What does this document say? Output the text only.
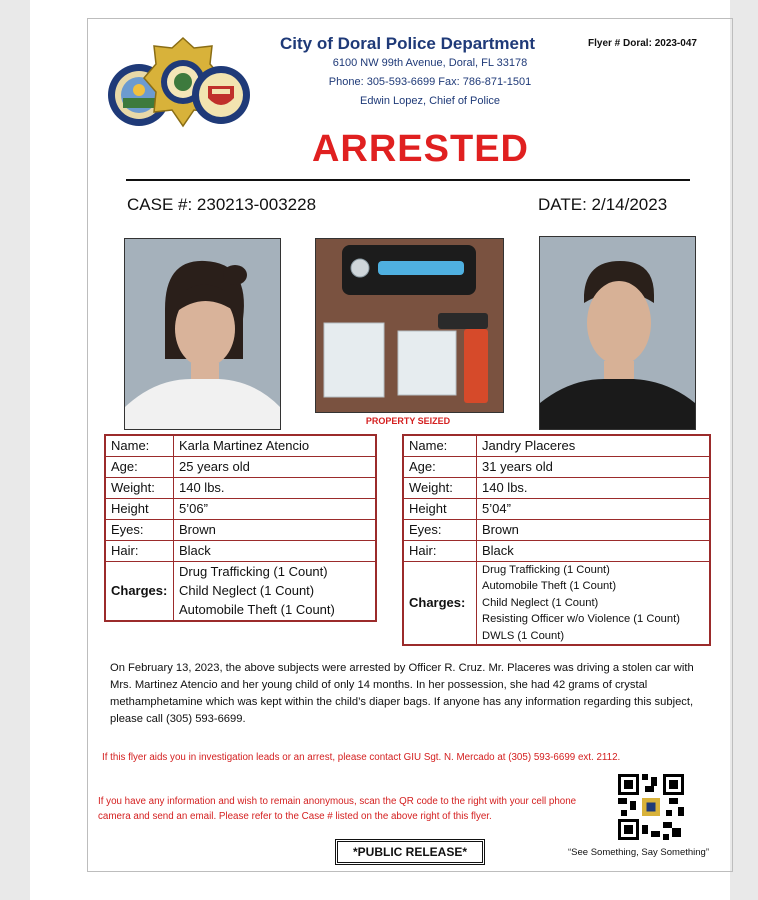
City of Doral Police Department
6100 NW 99th Avenue, Doral, FL 33178
Phone: 305-593-6699 Fax: 786-871-1501
Edwin Lopez, Chief of Police
Flyer # Doral: 2023-047
ARRESTED
CASE #: 230213-003228	DATE: 2/14/2023
PROPERTY SEIZED
Name:	Karla Martinez Atencio
Age:	25 years old
Weight:	140 lbs.
Height	5’06”
Eyes:	Brown
Hair:	Black
Charges:	Drug Trafficking (1 Count)
Child Neglect (1 Count)
Automobile Theft (1 Count)
Name:	Jandry Placeres
Age:	31 years old
Weight:	140 lbs.
Height	5’04”
Eyes:	Brown
Hair:	Black
Charges:	Drug Trafficking (1 Count)
Automobile Theft (1 Count)
Child Neglect (1 Count)
Resisting Officer w/o Violence (1 Count)
DWLS (1 Count)
On February 13, 2023, the above subjects were arrested by Officer R. Cruz. Mr. Placeres was driving a stolen car with Mrs. Martinez Atencio and her young child of only 14 months. In her possession, she had 42 grams of crystal methamphetamine which was kept within the child’s diaper bags. If anyone has any information regarding this subject, please call (305) 593-6699.
If this flyer aids you in investigation leads or an arrest, please contact GIU Sgt. N. Mercado at (305) 593-6699 ext. 2112.
If you have any information and wish to remain anonymous, scan the QR code to the right with your cell phone camera and send an email. Please refer to the Case # listed on the above right of this flyer.
*PUBLIC RELEASE*	“See Something, Say Something”
